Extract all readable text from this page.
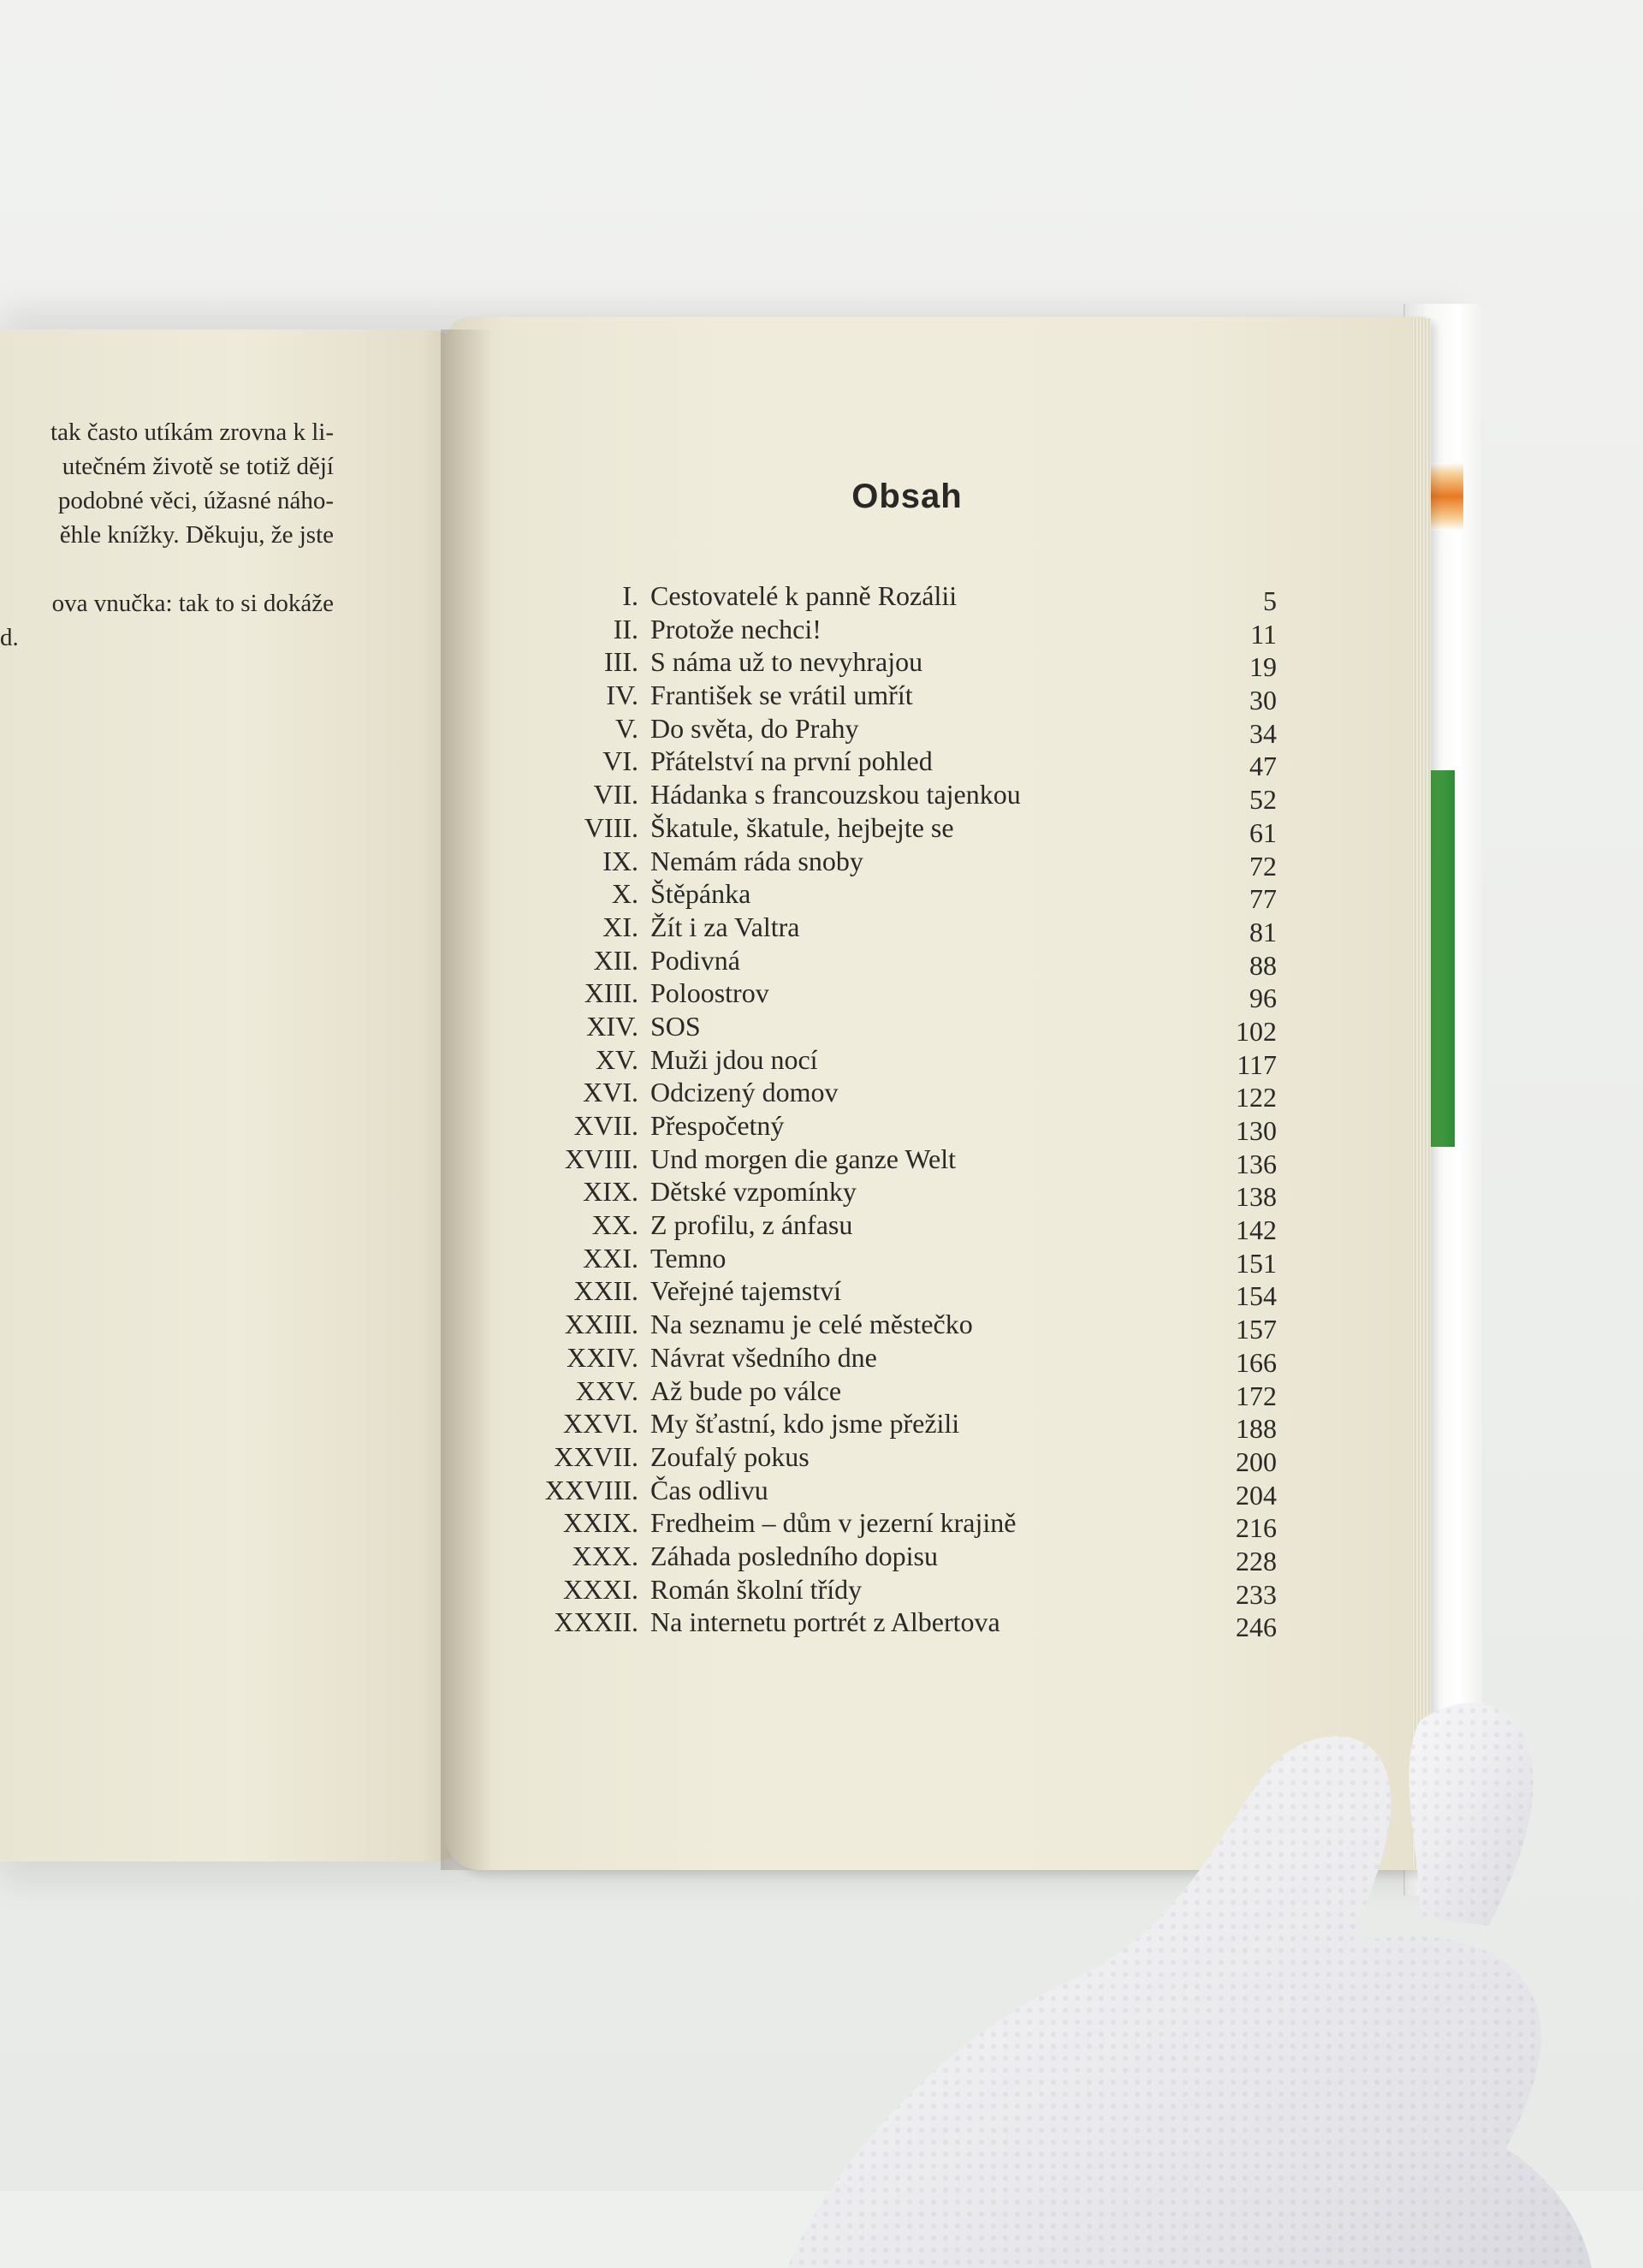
tak často utíkám zrovna k li-
utečném životě se totiž dějí
podobné věci, úžasné náho-
ěhle knížky. Děkuju, že jste
ova vnučka: tak to si dokáže
d.
Obsah
I. Cestovatelé k panně Rozálii	5
II. Protože nechci!	11
III. S náma už to nevyhrajou	19
IV. František se vrátil umřít	30
V. Do světa, do Prahy	34
VI. Přátelství na první pohled	47
VII. Hádanka s francouzskou tajenkou	52
VIII. Škatule, škatule, hejbejte se	61
IX. Nemám ráda snoby	72
X. Štěpánka	77
XI. Žít i za Valtra	81
XII. Podivná	88
XIII. Poloostrov	96
XIV. SOS	102
XV. Muži jdou nocí	117
XVI. Odcizený domov	122
XVII. Přespočetný	130
XVIII. Und morgen die ganze Welt	136
XIX. Dětské vzpomínky	138
XX. Z profilu, z ánfasu	142
XXI. Temno	151
XXII. Veřejné tajemství	154
XXIII. Na seznamu je celé městečko	157
XXIV. Návrat všedního dne	166
XXV. Až bude po válce	172
XXVI. My šťastní, kdo jsme přežili	188
XXVII. Zoufalý pokus	200
XXVIII. Čas odlivu	204
XXIX. Fredheim – dům v jezerní krajině	216
XXX. Záhada posledního dopisu	228
XXXI. Román školní třídy	233
XXXII. Na internetu portrét z Albertova	246
